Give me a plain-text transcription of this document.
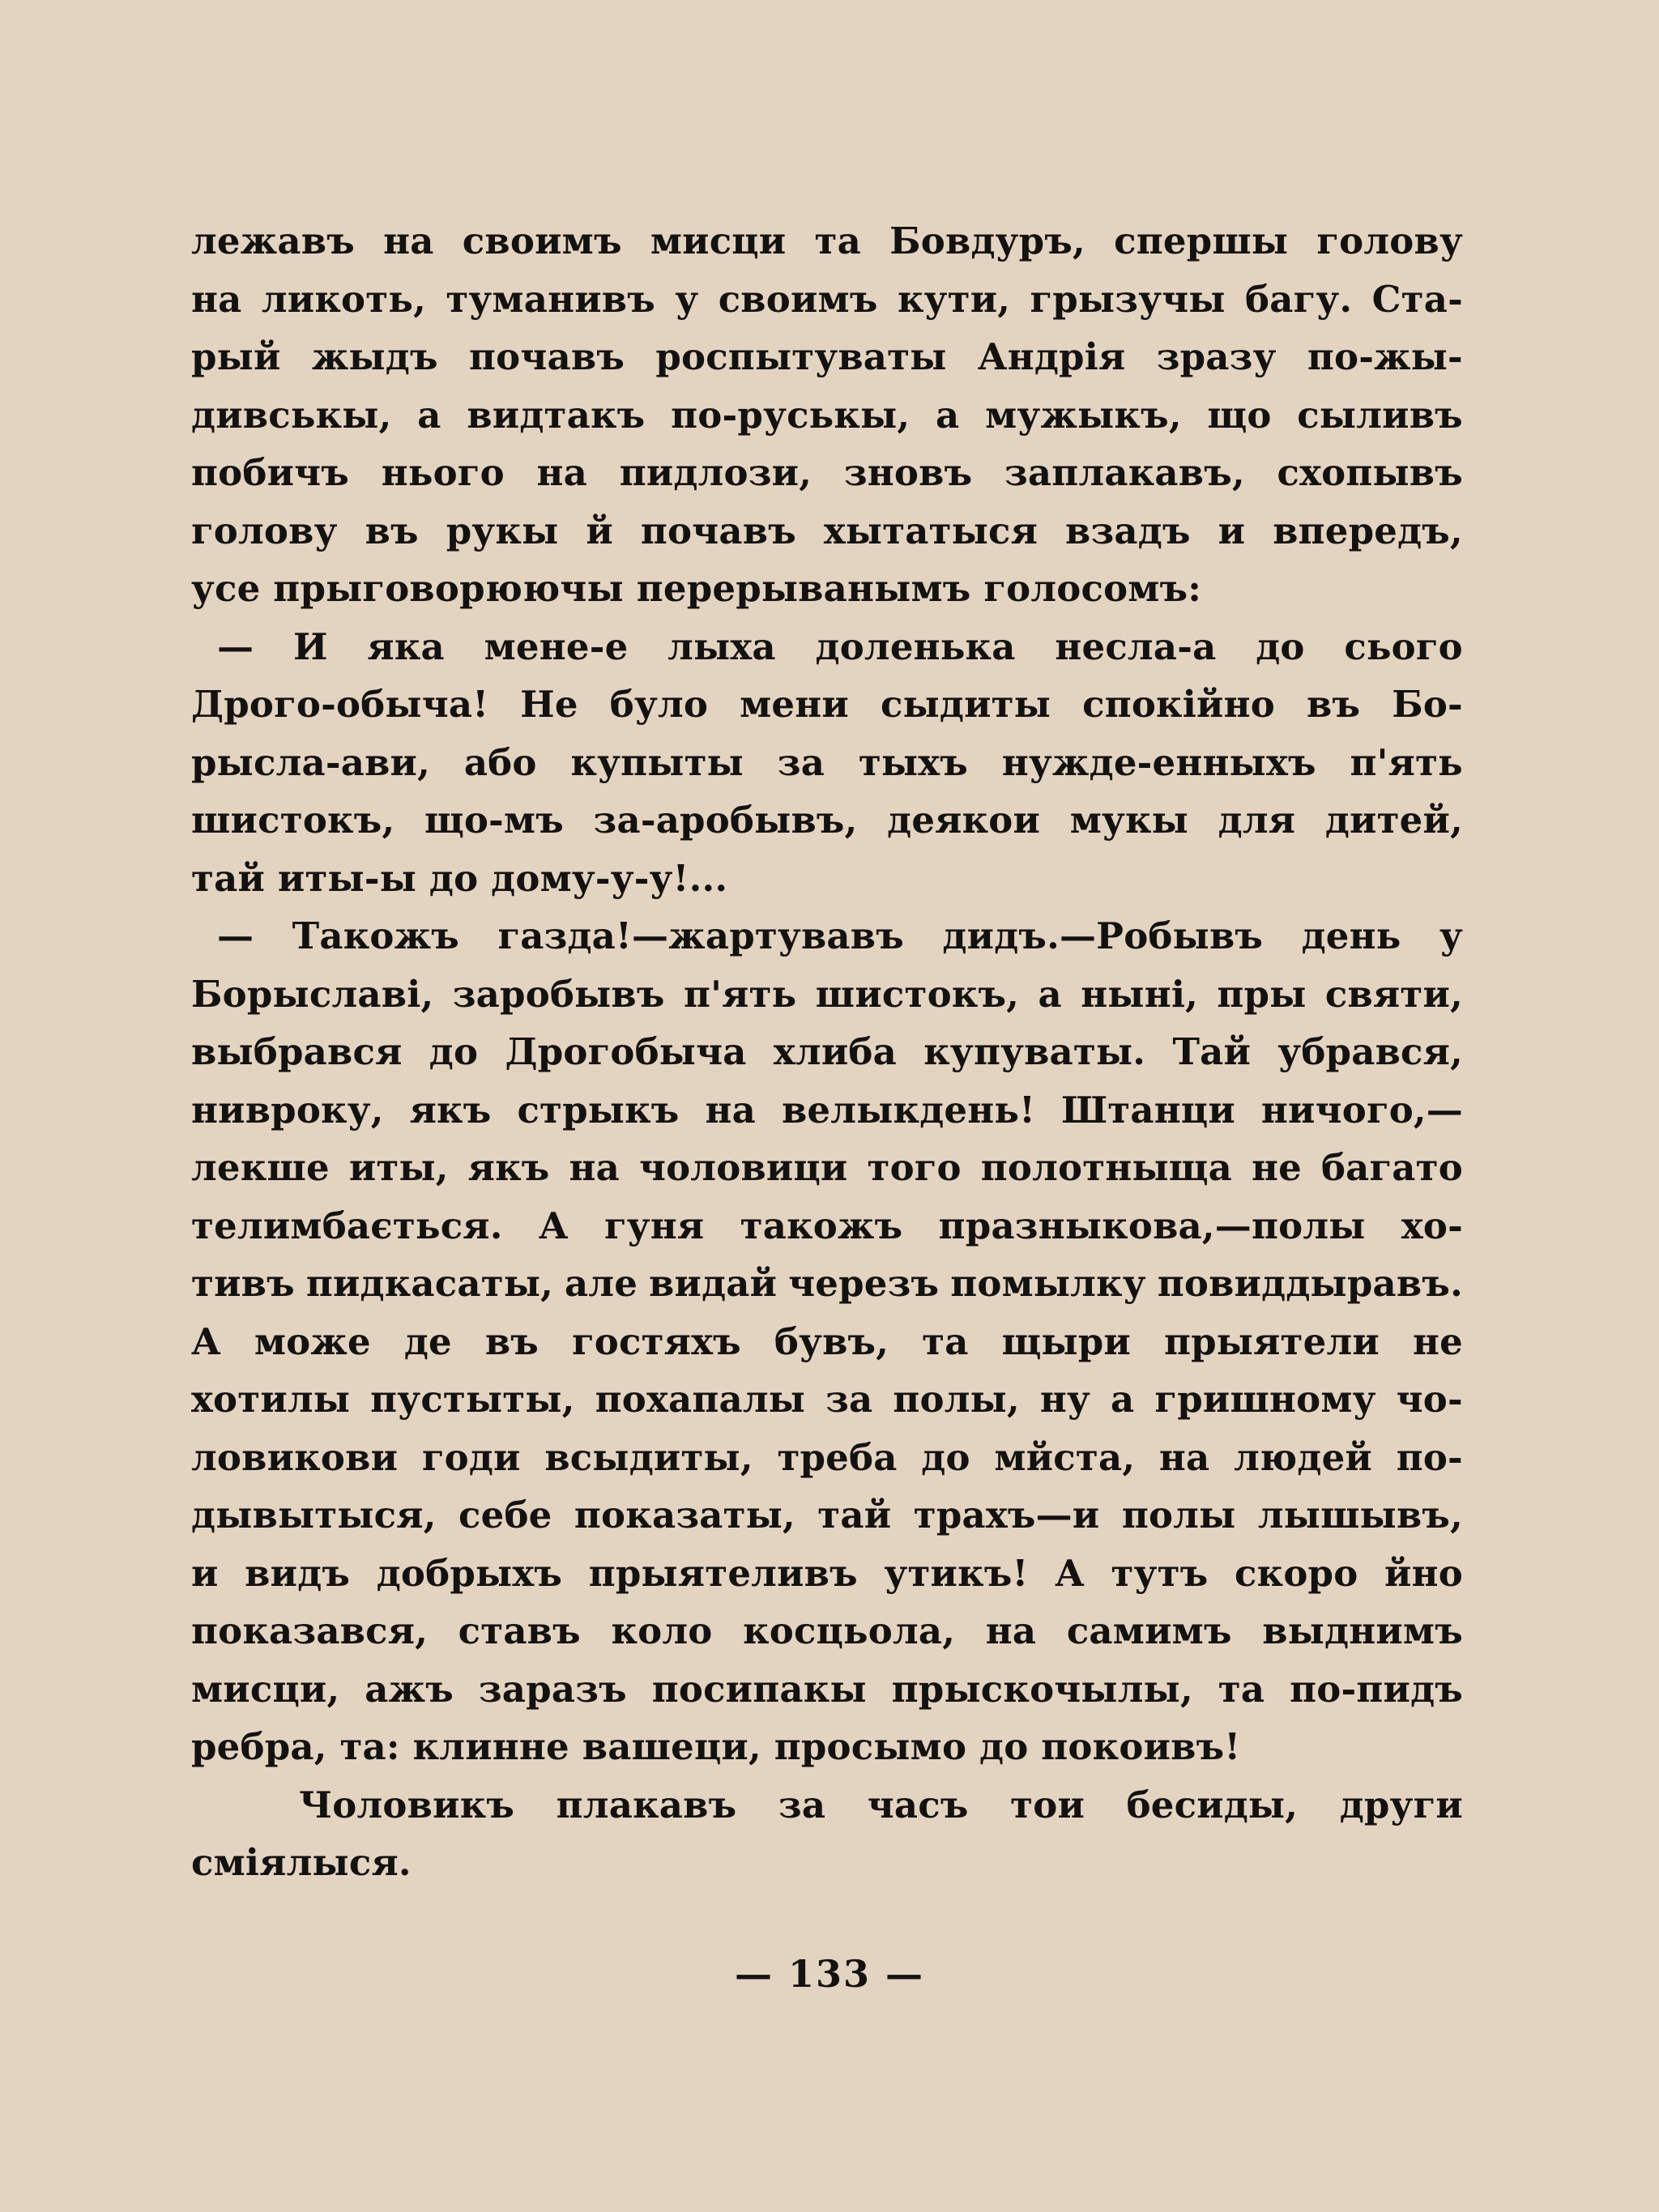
лежавъ на своимъ мисци та Бовдуръ, спершы голову
на ликоть, туманивъ у своимъ кути, грызучы багу. Ста-
рый жыдъ почавъ роспытуваты Андрія зразу по-жы-
дивськы, а видтакъ по-руськы, а мужыкъ, що сыливъ
побичъ нього на пидлози, зновъ заплакавъ, схопывъ
голову въ рукы й почавъ хытатыся взадъ и впередъ,
усе прыговорюючы перерыванымъ голосомъ:
— И яка мене-е лыха доленька несла-а до сього
Дрого-обыча! Не було мени сыдиты спокійно въ Бо-
рысла-ави, або купыты за тыхъ нужде-енныхъ п'ять
шистокъ, що-мъ за-аробывъ, деякои мукы для дитей,
тай иты-ы до дому-у-у!...
— Такожъ газда!—жартувавъ дидъ.—Робывъ день у
Борыславі, заробывъ п'ять шистокъ, а нынi, пры святи,
выбрався до Дрогобыча хлиба купуваты. Тай убрався,
нивроку, якъ стрыкъ на велыкдень! Штанци ничого,—
лекше иты, якъ на чоловици того полотныща не багато
телимбається. А гуня такожъ празныкова,—полы хо-
тивъ пидкасаты, але видай черезъ помылку повиддыравъ.
А може де въ гостяхъ бувъ, та щыри прыятели не
хотилы пустыты, похапалы за полы, ну а гришному чо-
ловикови годи вcыдиты, треба до мйста, на людей по-
дывытыся, себе показаты, тай трахъ—и полы лышывъ,
и видъ добрыхъ прыятеливъ утикъ! А тутъ скоро йно
показався, ставъ коло косцьола, на самимъ выднимъ
мисци, ажъ заразъ посипакы прыскочылы, та по-пидъ
ребра, та: клинне вашеци, просымо до покоивъ!
Чоловикъ плакавъ за часъ тои бесиды, други
сміялыся.
— 133 —
